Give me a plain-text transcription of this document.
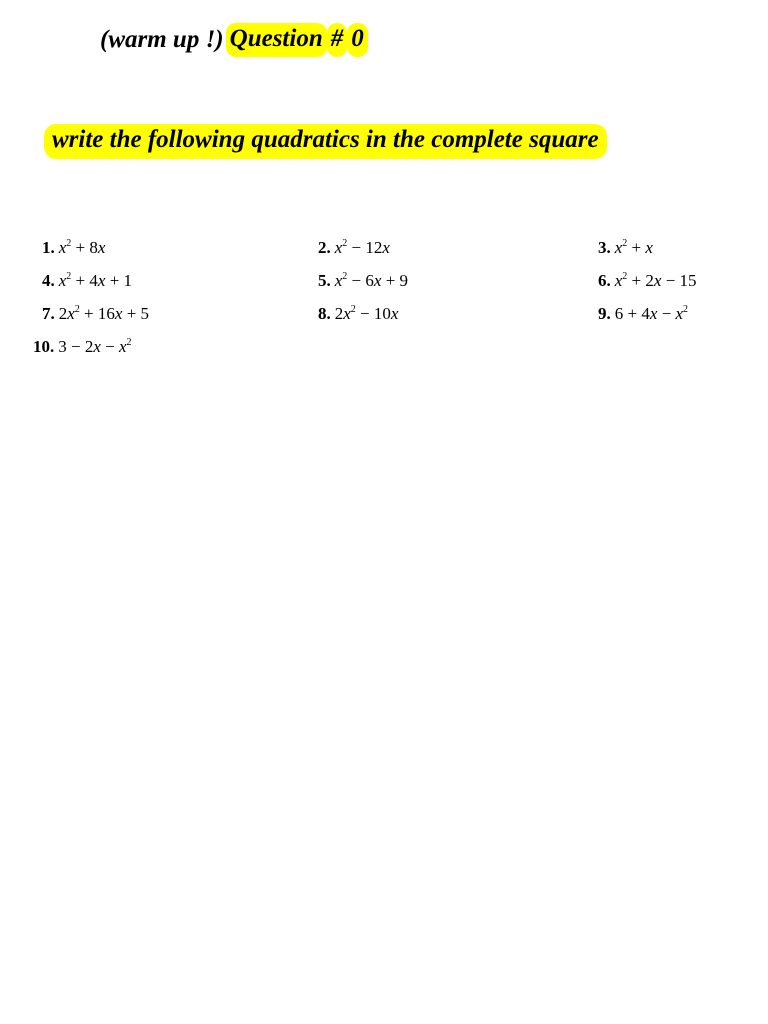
(warm up !) Question # 0
write the following quadratics in the complete square
1. $x^2 + 8x$	2. $x^2 - 12x$	3. $x^2 + x$
4. $x^2 + 4x + 1$	5. $x^2 - 6x + 9$	6. $x^2 + 2x - 15$
7. $2x^2 + 16x + 5$	8. $2x^2 - 10x$	9. $6 + 4x - x^2$
10. $3 - 2x - x^2$
